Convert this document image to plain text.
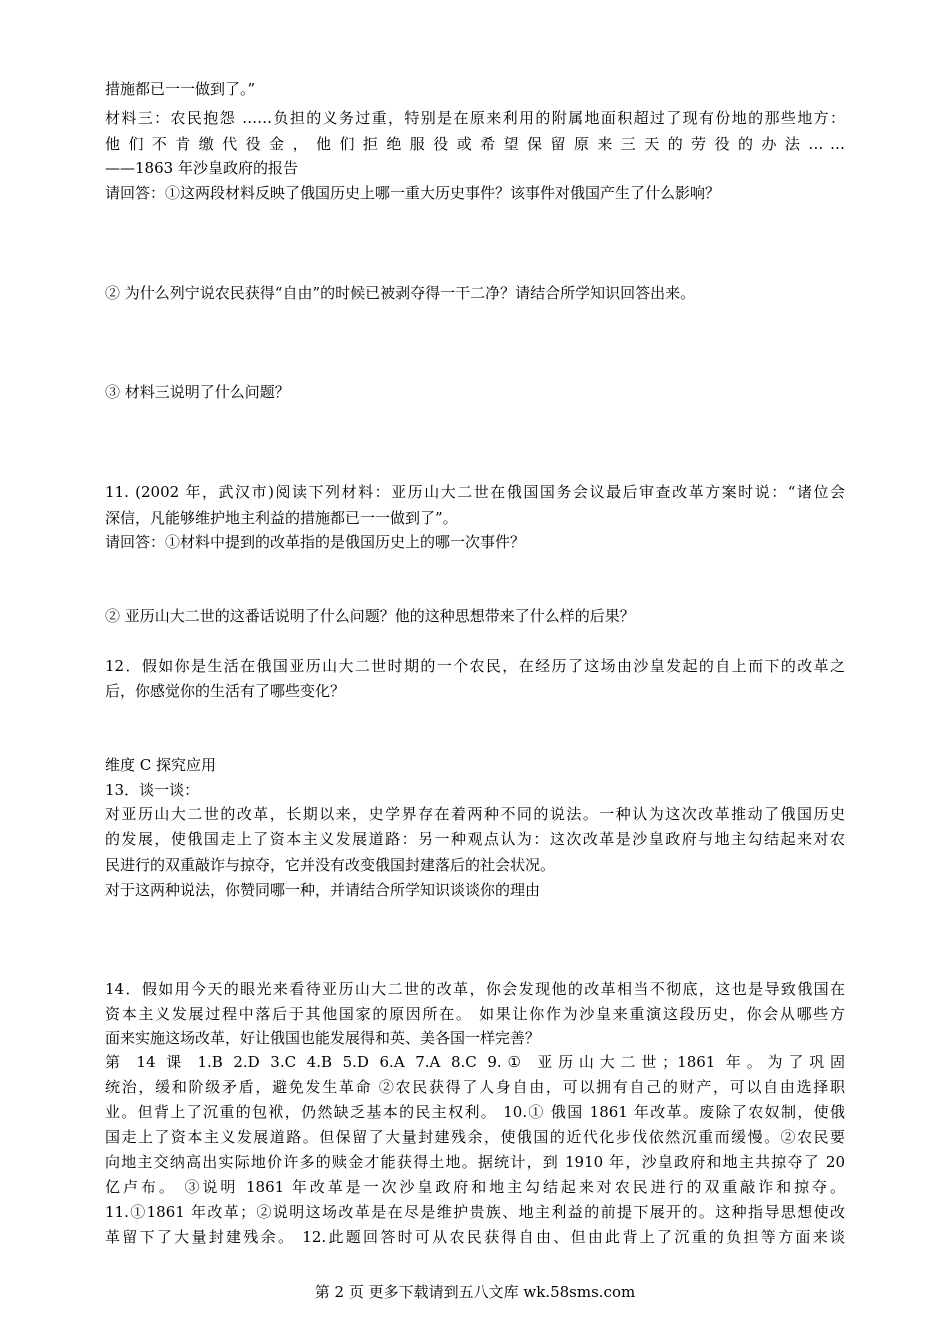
措施都已一一做到了。”
材料三：农民抱怨 ……负担的义务过重，特别是在原来利用的附属地面积超过了现有份地的那些地方：
他 们 不 肯 缴 代 役 金 ， 他 们 拒 绝 服 役 或 希 望 保 留 原 来 三 天 的 劳 役 的 办 法 … …
——1863 年沙皇政府的报告
请回答：①这两段材料反映了俄国历史上哪一重大历史事件？该事件对俄国产生了什么影响？
② 为什么列宁说农民获得“自由”的时候已被剥夺得一干二净？请结合所学知识回答出来。
③ 材料三说明了什么问题？
11. (2002 年，武汉市)阅读下列材料：亚历山大二世在俄国国务会议最后审查改革方案时说：“诸位会
深信，凡能够维护地主利益的措施都已一一做到了”。
请回答：①材料中提到的改革指的是俄国历史上的哪一次事件？
② 亚历山大二世的这番话说明了什么问题？他的这种思想带来了什么样的后果？
12．假如你是生活在俄国亚历山大二世时期的一个农民，在经历了这场由沙皇发起的自上而下的改革之
后，你感觉你的生活有了哪些变化？
维度 C 探究应用
13．谈一谈：
对亚历山大二世的改革，长期以来，史学界存在着两种不同的说法。一种认为这次改革推动了俄国历史
的发展，使俄国走上了资本主义发展道路：另一种观点认为：这次改革是沙皇政府与地主勾结起来对农
民进行的双重敲诈与掠夺，它并没有改变俄国封建落后的社会状况。
对于这两种说法，你赞同哪一种，并请结合所学知识谈谈你的理由
14．假如用今天的眼光来看待亚历山大二世的改革，你会发现他的改革相当不彻底，这也是导致俄国在
资本主义发展过程中落后于其他国家的原因所在。 如果让你作为沙皇来重演这段历史，你会从哪些方
面来实施这场改革，好让俄国也能发展得和英、美各国一样完善？
第 14 课 1.B 2.D 3.C 4.B 5.D 6.A 7.A 8.C 9.① 亚历山大二世；1861 年。为了巩固
统治，缓和阶级矛盾，避免发生革命 ②农民获得了人身自由，可以拥有自己的财产，可以自由选择职
业。但背上了沉重的包袱，仍然缺乏基本的民主权利。 10.① 俄国 1861 年改革。废除了农奴制，使俄
国走上了资本主义发展道路。但保留了大量封建残余，使俄国的近代化步伐依然沉重而缓慢。②农民要
向地主交纳高出实际地价许多的赎金才能获得土地。据统计，到 1910 年，沙皇政府和地主共掠夺了 20
亿卢布。 ③说明 1861 年改革是一次沙皇政府和地主勾结起来对农民进行的双重敲诈和掠夺。
11.①1861 年改革；②说明这场改革是在尽是维护贵族、地主利益的前提下展开的。这种指导思想使改
革留下了大量封建残余。 12.此题回答时可从农民获得自由、但由此背上了沉重的负担等方面来谈
第 2 页 更多下载请到五八文库 wk.58sms.com
